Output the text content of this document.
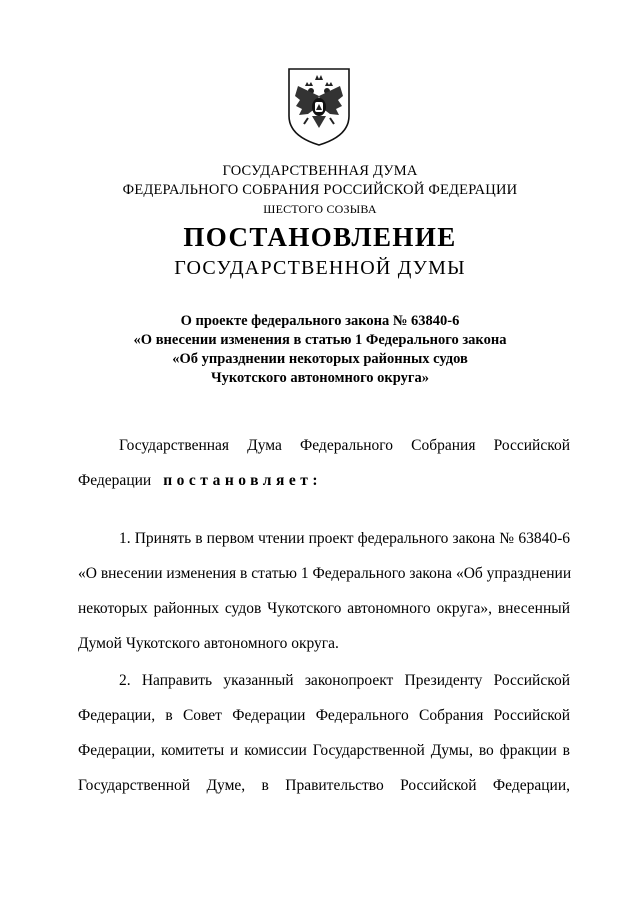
ГОСУДАРСТВЕННАЯ ДУМА
ФЕДЕРАЛЬНОГО СОБРАНИЯ РОССИЙСКОЙ ФЕДЕРАЦИИ
ШЕСТОГО СОЗЫВА
ПОСТАНОВЛЕНИЕ
ГОСУДАРСТВЕННОЙ ДУМЫ
О проекте федерального закона № 63840-6
«О внесении изменения в статью 1 Федерального закона
«Об упразднении некоторых районных судов
Чукотского автономного округа»
Государственная Дума Федерального Собрания Российской
Федерации постановляет:
1. Принять в первом чтении проект федерального закона № 63840-6
«О внесении изменения в статью 1 Федерального закона «Об упразднении
некоторых районных судов Чукотского автономного округа», внесенный
Думой Чукотского автономного округа.
2. Направить указанный законопроект Президенту Российской
Федерации, в Совет Федерации Федерального Собрания Российской
Федерации, комитеты и комиссии Государственной Думы, во фракции в
Государственной Думе, в Правительство Российской Федерации,
